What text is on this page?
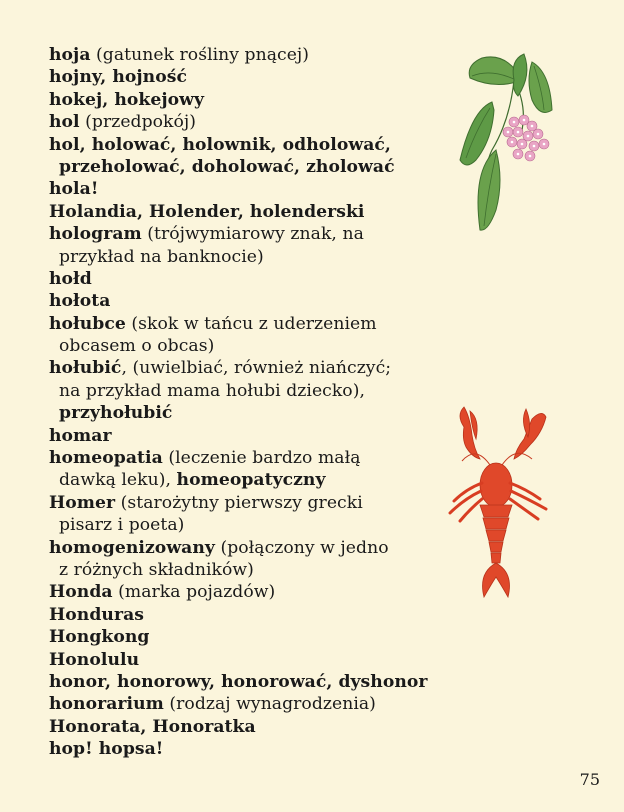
hoja (gatunek rośliny pnącej)
hojny, hojność
hokej, hokejowy
hol (przedpokój)
hol, holować, holownik, odholować,
przeholować, doholować, zholować
hola!
Holandia, Holender, holenderski
hologram (trójwymiarowy znak, na
przykład na banknocie)
hołd
hołota
hołubce (skok w tańcu z uderzeniem
obcasem o obcas)
hołubić, (uwielbiać, również niańczyć;
na przykład mama hołubi dziecko),
przyhołubić
homar
homeopatia (leczenie bardzo małą
dawką leku), homeopatyczny
Homer (starożytny pierwszy grecki
pisarz i poeta)
homogenizowany (połączony w jedno
z różnych składników)
Honda (marka pojazdów)
Honduras
Hongkong
Honolulu
honor, honorowy, honorować, dyshonor
honorarium (rodzaj wynagrodzenia)
Honorata, Honoratka
hop! hopsa!
75
